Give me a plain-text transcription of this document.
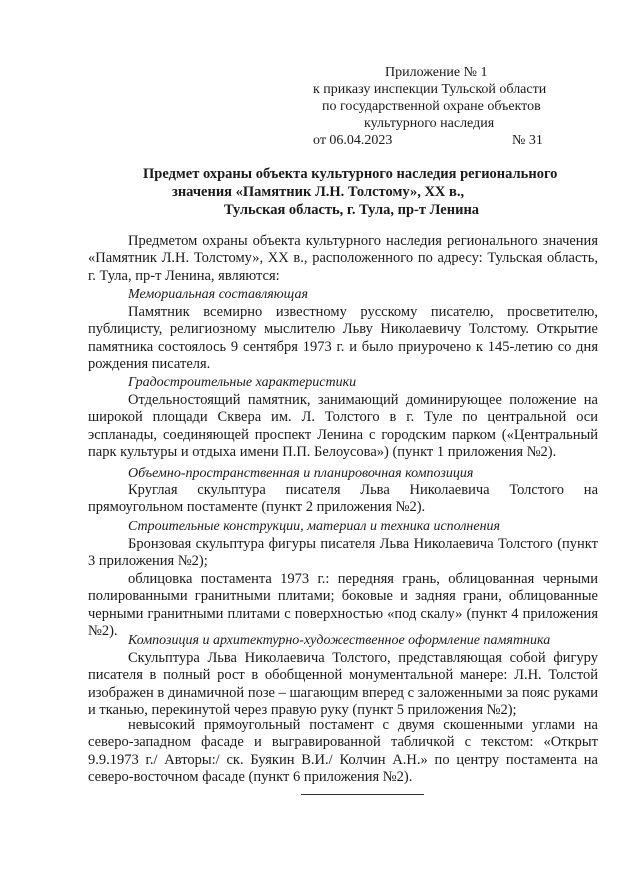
Приложение № 1
к приказу инспекции Тульской области
по государственной охране объектов
культурного наследия
от 06.04.2023	№ 31
Предмет охраны объекта культурного наследия регионального
значения «Памятник Л.Н. Толстому», XX в.,
Тульская область, г. Тула, пр-т Ленина
Предметом охраны объекта культурного наследия регионального значения «Памятник Л.Н. Толстому», XX в., расположенного по адресу: Тульская область, г. Тула, пр-т Ленина, являются:
Мемориальная составляющая
Памятник всемирно известному русскому писателю, просветителю, публицисту, религиозному мыслителю Льву Николаевичу Толстому. Открытие памятника состоялось 9 сентября 1973 г. и было приурочено к 145-летию со дня рождения писателя.
Градостроительные характеристики
Отдельностоящий памятник, занимающий доминирующее положение на широкой площади Сквера им. Л. Толстого в г. Туле по центральной оси эспланады, соединяющей проспект Ленина с городским парком («Центральный парк культуры и отдыха имени П.П. Белоусова») (пункт 1 приложения №2).
Объемно-пространственная и планировочная композиция
Круглая скульптура писателя Льва Николаевича Толстого на прямоугольном постаменте (пункт 2 приложения №2).
Строительные конструкции, материал и техника исполнения
Бронзовая скульптура фигуры писателя Льва Николаевича Толстого (пункт 3 приложения №2);
облицовка постамента 1973 г.: передняя грань, облицованная черными полированными гранитными плитами; боковые и задняя грани, облицованные черными гранитными плитами с поверхностью «под скалу» (пункт 4 приложения №2).
Композиция и архитектурно-художественное оформление памятника
Скульптура Льва Николаевича Толстого, представляющая собой фигуру писателя в полный рост в обобщенной монументальной манере: Л.Н. Толстой изображен в динамичной позе – шагающим вперед с заложенными за пояс руками и тканью, перекинутой через правую руку (пункт 5 приложения №2);
невысокий прямоугольный постамент с двумя скошенными углами на северо-западном фасаде и выгравированной табличкой с текстом: «Открыт 9.9.1973 г./ Авторы:/ ск. Буякин В.И./ Колчин А.Н.» по центру постамента на северо-восточном фасаде (пункт 6 приложения №2).
